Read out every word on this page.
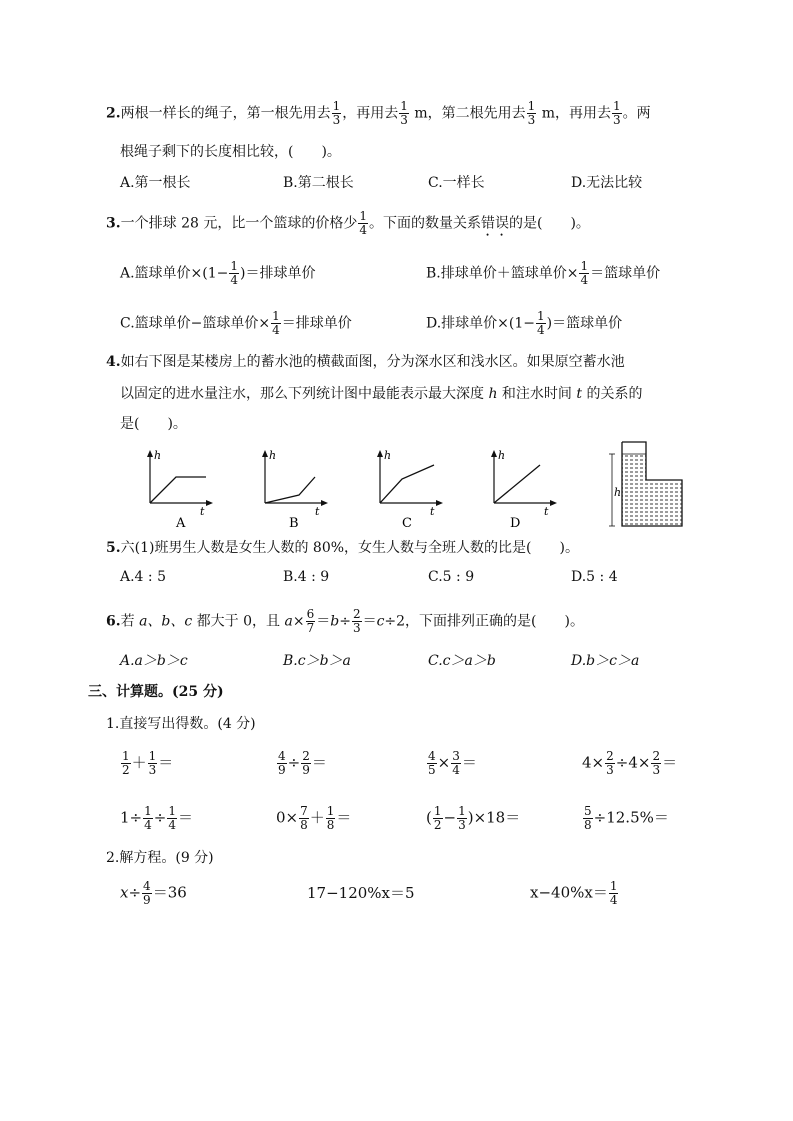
2.两根一样长的绳子，第一根先用去 $\frac{1}{3}$ ，再用去 $\frac{1}{3}$ m，第二根先用去 $\frac{1}{3}$ m，再用去 $\frac{1}{3}$ 。两
根绳子剩下的长度相比较，(　　)。
A.第一根长	B.第二根长	C.一样长	D.无法比较
3.一个排球 28 元，比一个篮球的价格少 $\frac{1}{4}$ 。下面的数量关系错误的是(　　)。
A.篮球单价$\times(1- \frac{1}{4}$ )＝排球单价	B.排球单价＋篮球单价× $\frac{1}{4}$ ＝篮球单价
C.篮球单价−篮球单价× $\frac{1}{4}$ ＝排球单价	D.排球单价$\times(1- \frac{1}{4}$ )＝篮球单价
4.如右下图是某楼房上的蓄水池的横截面图，分为深水区和浅水区。如果原空蓄水池
以固定的进水量注水，那么下列统计图中最能表示最大深度 h 和注水时间 t 的关系的
是(　　)。
h
t
A
h
t
B
h
t
C
h
t
D
h
5.六(1)班男生人数是女生人数的 80%，女生人数与全班人数的比是(　　)。
A.4 : 5	B.4 : 9	C.5 : 9	D.5 : 4
6.若 a、b、c 都大于 0，且 $a\times \frac{6}{7} =b\div \frac{2}{3} =c\div 2$，下面排列正确的是(　　)。
A.a＞b＞c	B.c＞b＞a	C.c＞a＞b	D.b＞c＞a
三、计算题。(25 分)
1.直接写出得数。(4 分)
$\frac{1}{2} + \frac{1}{3}$ ＝	$\frac{4}{9} \div \frac{2}{9}$ ＝	$\frac{4}{5} \times \frac{3}{4}$ ＝	$4\times \frac{2}{3} \div 4\times \frac{2}{3}$ ＝
$1\div \frac{1}{4} \div \frac{1}{4}$ ＝	$0\times \frac{7}{8} + \frac{1}{8}$ ＝	( $\frac{1}{2} - \frac{1}{3} )\times 18=$	$\frac{5}{8} \div 12.5\%=$
2.解方程。(9 分)
$x\div \frac{4}{9} =36$	17−120%x＝5	$x-40\%x= \frac{1}{4}$
